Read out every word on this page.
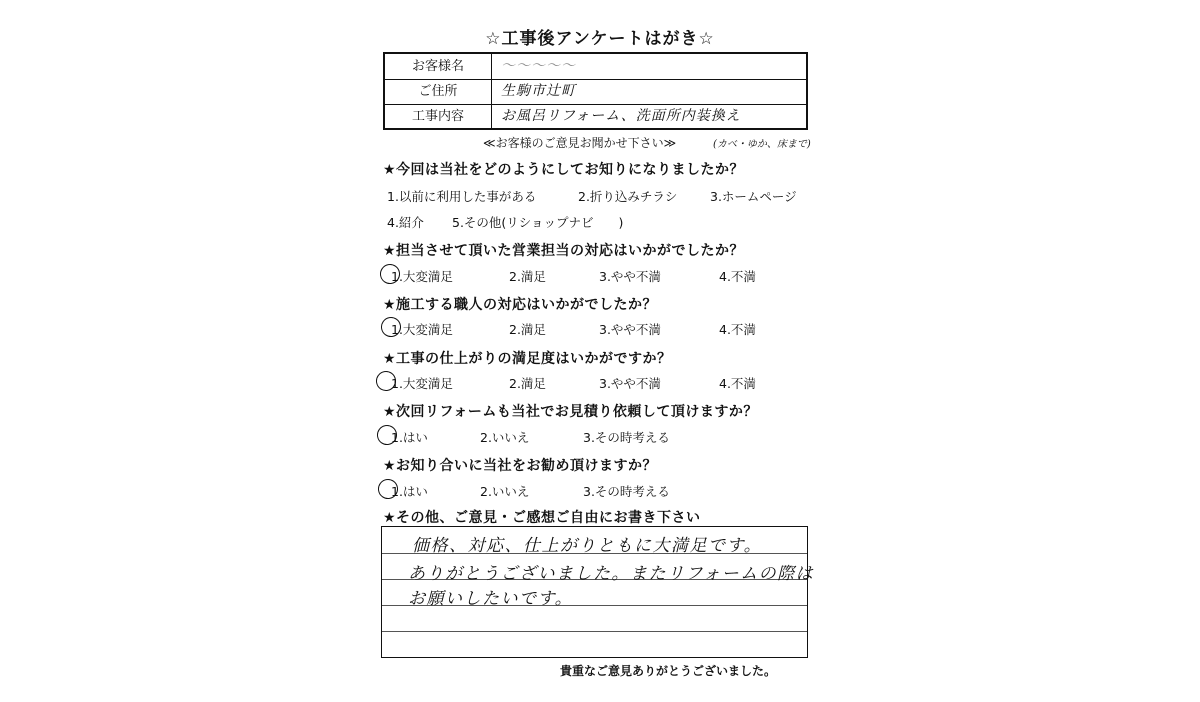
☆工事後アンケートはがき☆
お客様名	〜〜〜〜〜
ご住所	生駒市辻町
工事内容	お風呂リフォーム、洗面所内装換え
≪お客様のご意見お聞かせ下さい≫	(カベ・ゆか、床まで)
★今回は当社をどのようにしてお知りになりましたか？
1.以前に利用した事がある	2.折り込みチラシ	3.ホームページ
4.紹介 5.その他(リショップナビ　　)
★担当させて頂いた営業担当の対応はいかがでしたか？
1.大変満足	2.満足	3.やや不満	4.不満
★施工する職人の対応はいかがでしたか？
1.大変満足	2.満足	3.やや不満	4.不満
★工事の仕上がりの満足度はいかがですか？
1.大変満足	2.満足	3.やや不満	4.不満
★次回リフォームも当社でお見積り依頼して頂けますか？
1.はい	2.いいえ	3.その時考える
★お知り合いに当社をお勧め頂けますか？
1.はい	2.いいえ	3.その時考える
★その他、ご意見・ご感想ご自由にお書き下さい
価格、対応、仕上がりともに大満足です。
ありがとうございました。またリフォームの際は
お願いしたいです。
貴重なご意見ありがとうございました。
